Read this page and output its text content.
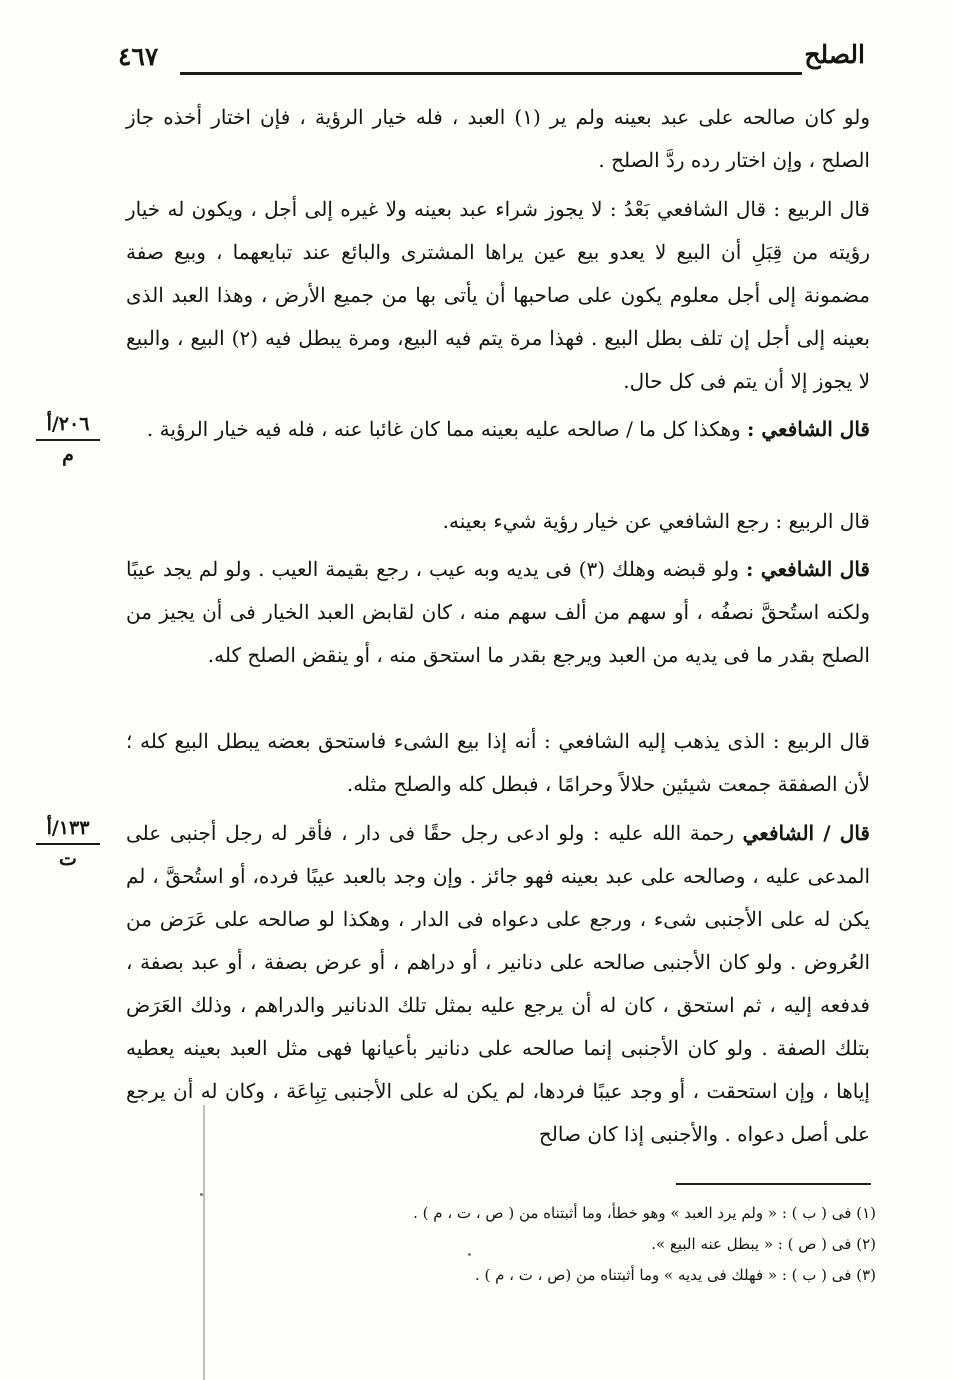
الصلح
٤٦٧

ولو كان صالحه على عبد بعينه ولم ير (١) العبد ، فله خيار الرؤية ، فإن اختار أخذه جاز الصلح ، وإن اختار رده ردَّ الصلح .

قال الربيع : قال الشافعي بَعْدُ : لا يجوز شراء عبد بعينه ولا غيره إلى أجل ، ويكون له خيار رؤيته من قِبَلِ أن البيع لا يعدو بيع عين يراها المشترى والبائع عند تبايعهما ، وبيع صفة مضمونة إلى أجل معلوم يكون على صاحبها أن يأتى بها من جميع الأرض ، وهذا العبد الذى بعينه إلى أجل إن تلف بطل البيع . فهذا مرة يتم فيه البيع، ومرة يبطل فيه (٢) البيع ، والبيع لا يجوز إلا أن يتم فى كل حال.

قال الشافعي : وهكذا كل ما / صالحه عليه بعينه مما كان غائبا عنه ، فله فيه خيار الرؤية .

قال الربيع : رجع الشافعي عن خيار رؤية شيء بعينه.

قال الشافعي : ولو قبضه وهلك (٣) فى يديه وبه عيب ، رجع بقيمة العيب . ولو لم يجد عيبًا ولكنه استُحقَّ نصفُه ، أو سهم من ألف سهم منه ، كان لقابض العبد الخيار فى أن يجيز من الصلح بقدر ما فى يديه من العبد ويرجع بقدر ما استحق منه ، أو ينقض الصلح كله.

قال الربيع : الذى يذهب إليه الشافعي : أنه إذا بيع الشىء فاستحق بعضه يبطل البيع كله ؛ لأن الصفقة جمعت شيئين حلالاً وحرامًا ، فبطل كله والصلح مثله.

قال / الشافعي رحمة الله عليه : ولو ادعى رجل حقًا فى دار ، فأقر له رجل أجنبى على المدعى عليه ، وصالحه على عبد بعينه فهو جائز . وإن وجد بالعبد عيبًا فرده، أو استُحقَّ ، لم يكن له على الأجنبى شىء ، ورجع على دعواه فى الدار ، وهكذا لو صالحه على عَرَض من العُروض . ولو كان الأجنبى صالحه على دنانير ، أو دراهم ، أو عرض بصفة ، أو عبد بصفة ، فدفعه إليه ، ثم استحق ، كان له أن يرجع عليه بمثل تلك الدنانير والدراهم ، وذلك العَرَض بتلك الصفة . ولو كان الأجنبى إنما صالحه على دنانير بأعيانها فهى مثل العبد بعينه يعطيه إياها ، وإن استحقت ، أو وجد عيبًا فردها، لم يكن له على الأجنبى تِبِاعَة ، وكان له أن يرجع على أصل دعواه . والأجنبى إذا كان صالح

٢٠٦/أ
م
١٣٣/أ
ت
(١) فى ( ب ) : « ولم يرد العبد » وهو خطأ، وما أثبتناه من ( ص ، ت ، م ) .
(٢) فى ( ص ) : « يبطل عنه البيع ».
(٣) فى ( ب ) : « فهلك فى يديه » وما أثبتناه من (ص ، ت ، م ) .
